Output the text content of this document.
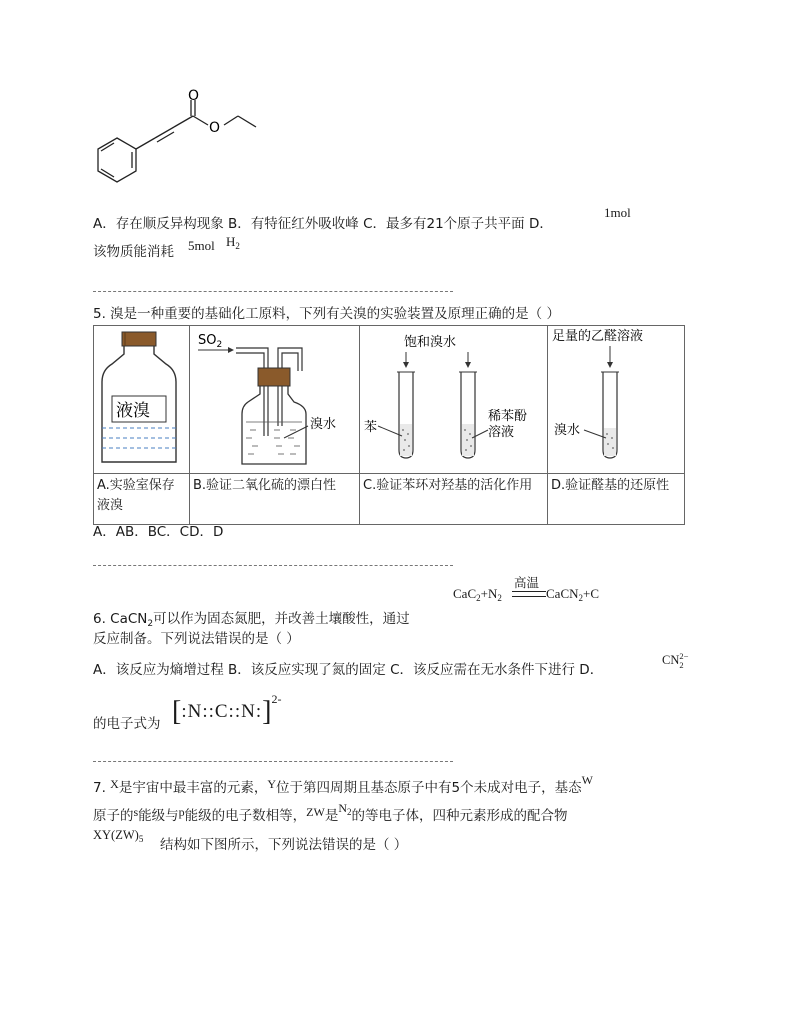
O
O
A．存在顺反异构现象 B．有特征红外吸收峰 C．最多有21个原子共平面 D．
1mol
该物质能消耗 5mol $H_2$
5. 溴是一种重要的基础化工原料，下列有关溴的实验装置及原理正确的是（ ）
液溴	$SO_2$
溴水	饱和溴水
苯
稀苯酚
溶液	足量的乙醛溶液
溴水

A.实验室保存液溴	B.验证二氧化硫的漂白性	C.验证苯环对羟基的活化作用	D.验证醛基的还原性
A．AB．BC．CD．D
$CaC_2+N_2$
高温
CaCN$_2$+C
6. CaCN$_2$可以作为固态氮肥，并改善土壤酸性，通过
反应制备。下列说法错误的是（ ）
A．该反应为熵增过程 B．该反应实现了氮的固定 C．该反应需在无水条件下进行 D．
CN2−
2
的电子式为 [:N::C::N:]$^{2-}$
7. X是宇宙中最丰富的元素，Y位于第四周期且基态原子中有5个未成对电子，基态W
原子的s能级与p能级的电子数相等，ZW是$N_2$的等电子体，四种元素形成的配合物
$XY(ZW)_5$ 结构如下图所示，下列说法错误的是（ ）
